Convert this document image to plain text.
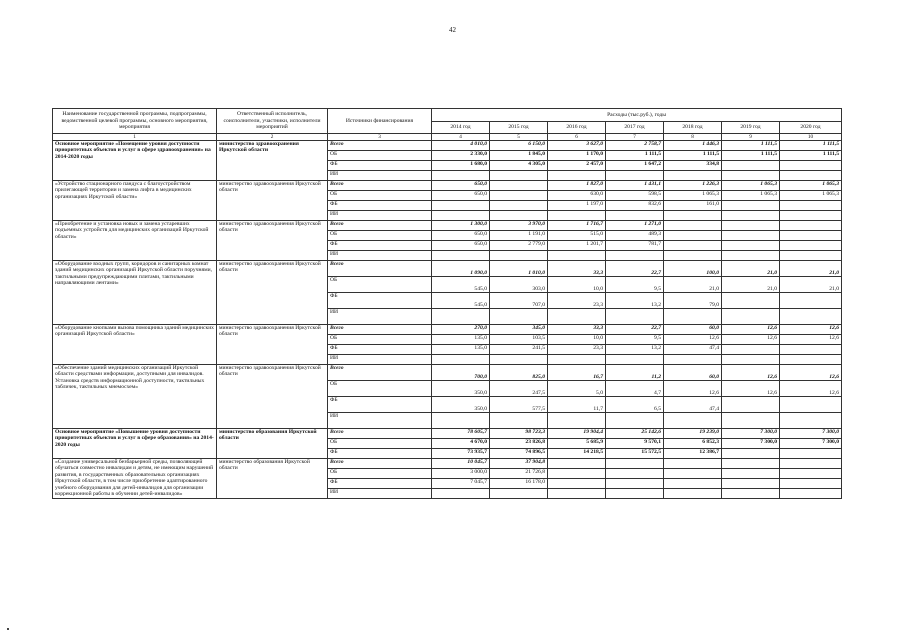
42
Наименование государственной программы, подпрограммы, ведомственной целевой программы, основного мероприятия, мероприятия	Ответственный исполнитель, соисполнители, участники, исполнители мероприятий	Источники финансирования	Расходы (тыс.руб.), годы						
			2014 год	2015 год	2016 год	2017 год	2018 год	2019 год	2020 год
1	2	3	4	5	6	7	8	9	10
Основное мероприятие «Помещение уровня доступности приоритетных объектов и услуг в сфере здравоохранения» на 2014-2020 годы	министерство здравоохранения Иркутской области	Всего	4 010,0	6 150,0	3 627,0	2 758,7	1 446,3	1 111,5	1 111,5
		ОБ	2 330,0	1 845,0	1 170,0	1 111,5	1 111,5	1 111,5	1 111,5
		ФБ	1 680,0	4 305,0	2 457,0	1 647,2	334,8		
		ИИ							
«Устройство стационарного пандуса с благоустройством прилегающей территории и замена лифта в медицинских организациях Иркутской области»	министерство здравоохранения Иркутской области	Всего	650,0		1 827,0	1 431,1	1 226,3	1 065,3	1 065,3
		ОБ	650,0		630,0	598,5	1 065,3	1 065,3	1 065,3
		ФБ			1 197,0	832,6	161,0		
		ИИ							
«Приобретение и установка новых и замена устаревших подъемных устройств для медицинских организаций Иркутской области»	министерство здравоохранения Иркутской области	Всего	1 300,0	3 970,0	1 716,7	1 271,0			
		ОБ	650,0	1 191,0	515,0	489,3			
		ФБ	650,0	2 779,0	1 201,7	781,7			
		ИИ							
«Оборудование входных групп, коридоров и санитарных комнат зданий медицинских организаций Иркутской области поручнями, тактильными предупреждающими плитами, тактильными направляющими лентами»	министерство здравоохранения Иркутской области	Всего	1 090,0	1 010,0	33,3	22,7	100,0	21,0	21,0
		ОБ	545,0	303,0	10,0	9,5	21,0	21,0	21,0
		ФБ	545,0	707,0	23,3	13,2	79,0		
		ИИ							
«Оборудование кнопками вызова помощника зданий медицинских организаций Иркутской области»	министерство здравоохранения Иркутской области	Всего	270,0	345,0	33,3	22,7	60,0	12,6	12,6
		ОБ	135,0	103,5	10,0	9,5	12,6	12,6	12,6
		ФБ	135,0	241,5	23,3	13,2	47,4		
		ИИ							
«Обеспечение зданий медицинских организаций Иркутской области средствами информации, доступными для инвалидов. Установка средств информационной доступности, тактильных табличек, тактильных мнемосхем»	министерство здравоохранения Иркутской области	Всего	700,0	825,0	16,7	11,2	60,0	12,6	12,6
		ОБ	350,0	247,5	5,0	4,7	12,6	12,6	12,6
		ФБ	350,0	577,5	11,7	6,5	47,4		
		ИИ							
Основное мероприятие «Повышение уровня доступности приоритетных объектов и услуг в сфере образования» на 2014-2020 годы	министерство образования Иркутской области	Всего	78 605,7	98 723,3	19 904,4	25 142,6	19 239,0	7 300,0	7 300,0
		ОБ	4 670,0	23 826,8	5 685,9	9 570,1	6 852,3	7 300,0	7 300,0
		ФБ	73 935,7	74 896,5	14 218,5	15 572,5	12 386,7		
«Создание универсальной безбарьерной среды, позволяющей обучаться совместно инвалидам и детям, не имеющим нарушений развития, в государственных образовательных организациях Иркутской области, в том числе приобретение адаптированного учебного оборудования для детей-инвалидов для организации коррекционной работы в обучении детей-инвалидов»	министерство образования Иркутской области	Всего	10 045,7	37 904,8					
		ОБ	3 000,0	21 726,8					
		ФБ	7 045,7	16 178,0					
		ИИ							
